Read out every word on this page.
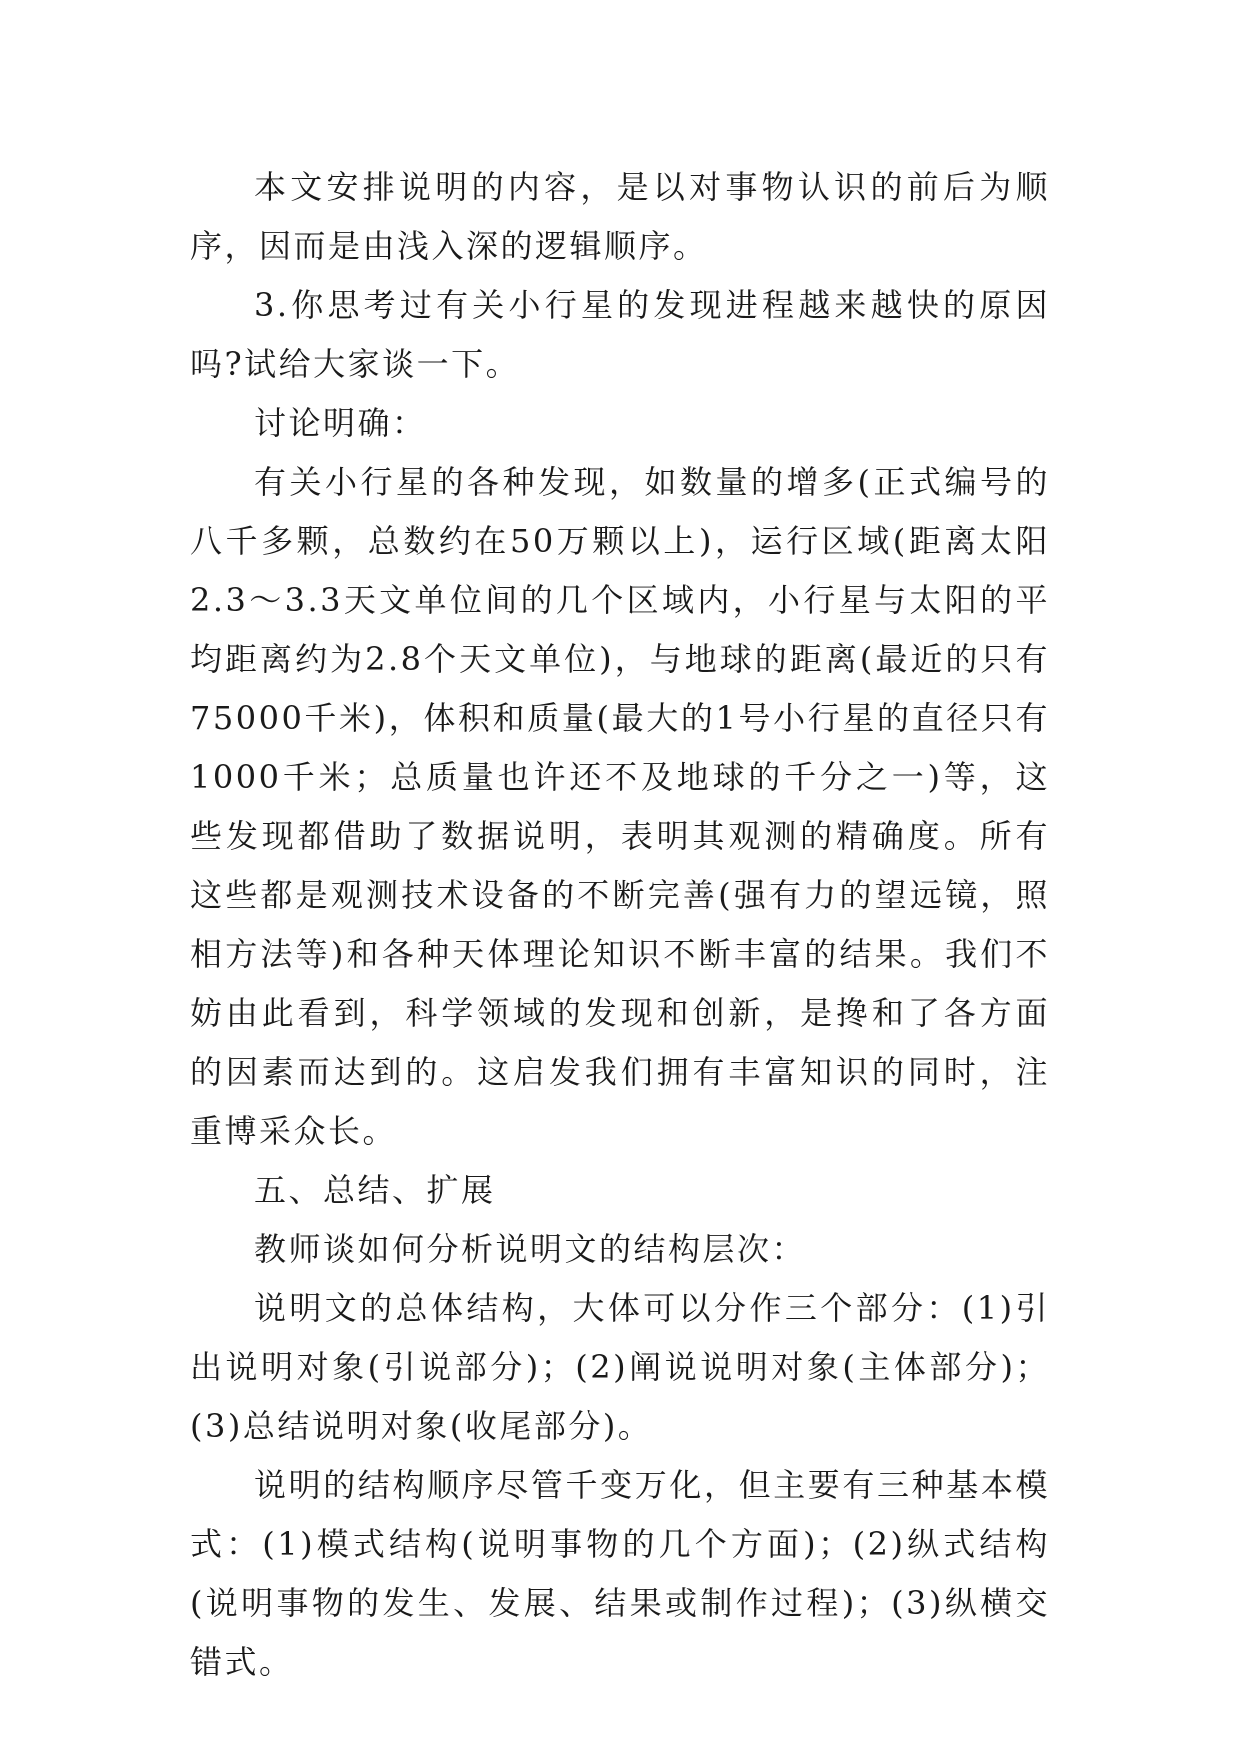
本文安排说明的内容，是以对事物认识的前后为顺序，因而是由浅入深的逻辑顺序。

3.你思考过有关小行星的发现进程越来越快的原因吗?试给大家谈一下。

讨论明确：

有关小行星的各种发现，如数量的增多(正式编号的八千多颗，总数约在50万颗以上)，运行区域(距离太阳2.3～3.3天文单位间的几个区域内，小行星与太阳的平均距离约为2.8个天文单位)，与地球的距离(最近的只有75000千米)，体积和质量(最大的1号小行星的直径只有1000千米；总质量也许还不及地球的千分之一)等，这些发现都借助了数据说明，表明其观测的精确度。所有这些都是观测技术设备的不断完善(强有力的望远镜，照相方法等)和各种天体理论知识不断丰富的结果。我们不妨由此看到，科学领域的发现和创新，是搀和了各方面的因素而达到的。这启发我们拥有丰富知识的同时，注重博采众长。

五、总结、扩展

教师谈如何分析说明文的结构层次：

说明文的总体结构，大体可以分作三个部分：(1)引出说明对象(引说部分)；(2)阐说说明对象(主体部分)；(3)总结说明对象(收尾部分)。

说明的结构顺序尽管千变万化，但主要有三种基本模式：(1)模式结构(说明事物的几个方面)；(2)纵式结构(说明事物的发生、发展、结果或制作过程)；(3)纵横交错式。
